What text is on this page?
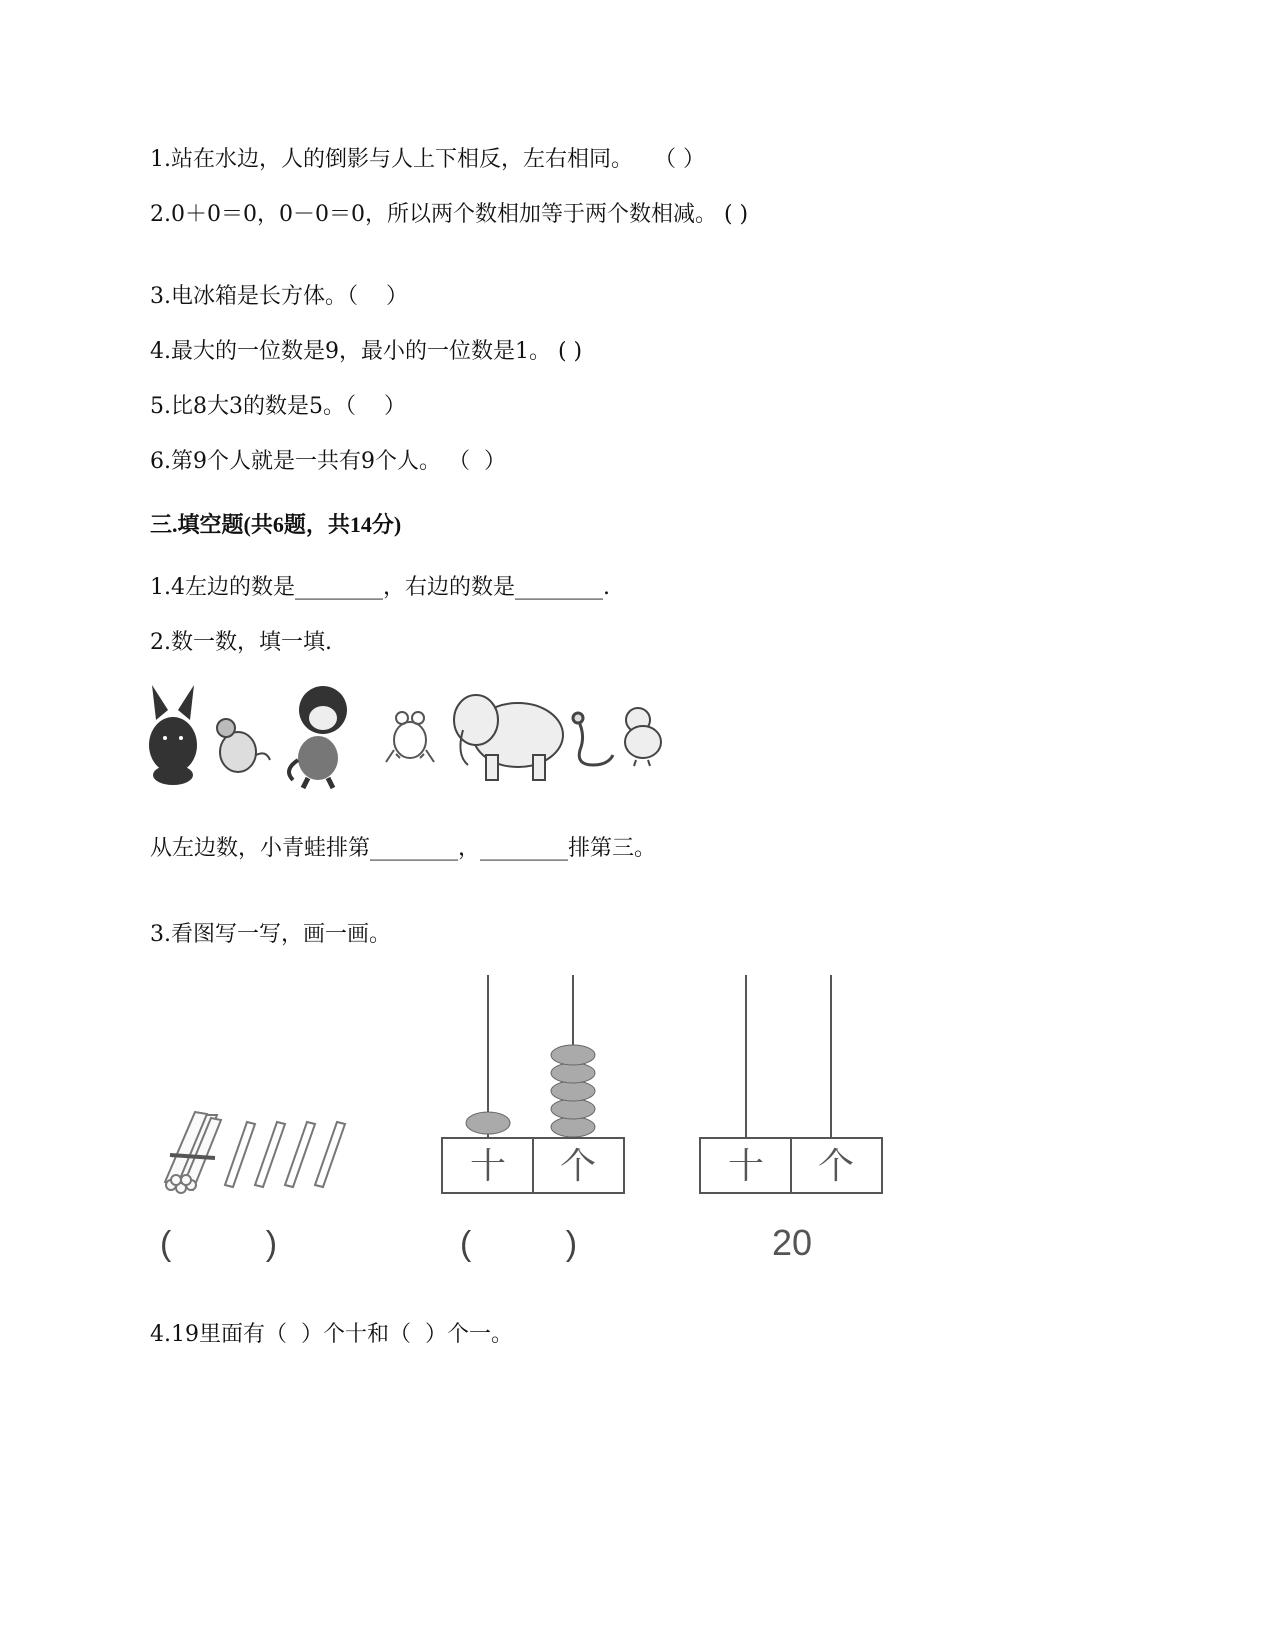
1.站在水边，人的倒影与人上下相反，左右相同。   （ ）
2.0＋0＝0，0－0＝0，所以两个数相加等于两个数相减。 ( )
3.电冰箱是长方体。（    ）
4.最大的一位数是9，最小的一位数是1。 ( )
5.比8大3的数是5。（    ）
6.第9个人就是一共有9个人。 （  ）
三.填空题(共6题，共14分)
1.4左边的数是________，右边的数是________.
2.数一数，填一填.
从左边数，小青蛙排第________，________排第三。
3.看图写一写，画一画。
十 个	十 个
(          )	(          )	20
4.19里面有（  ）个十和（  ）个一。
